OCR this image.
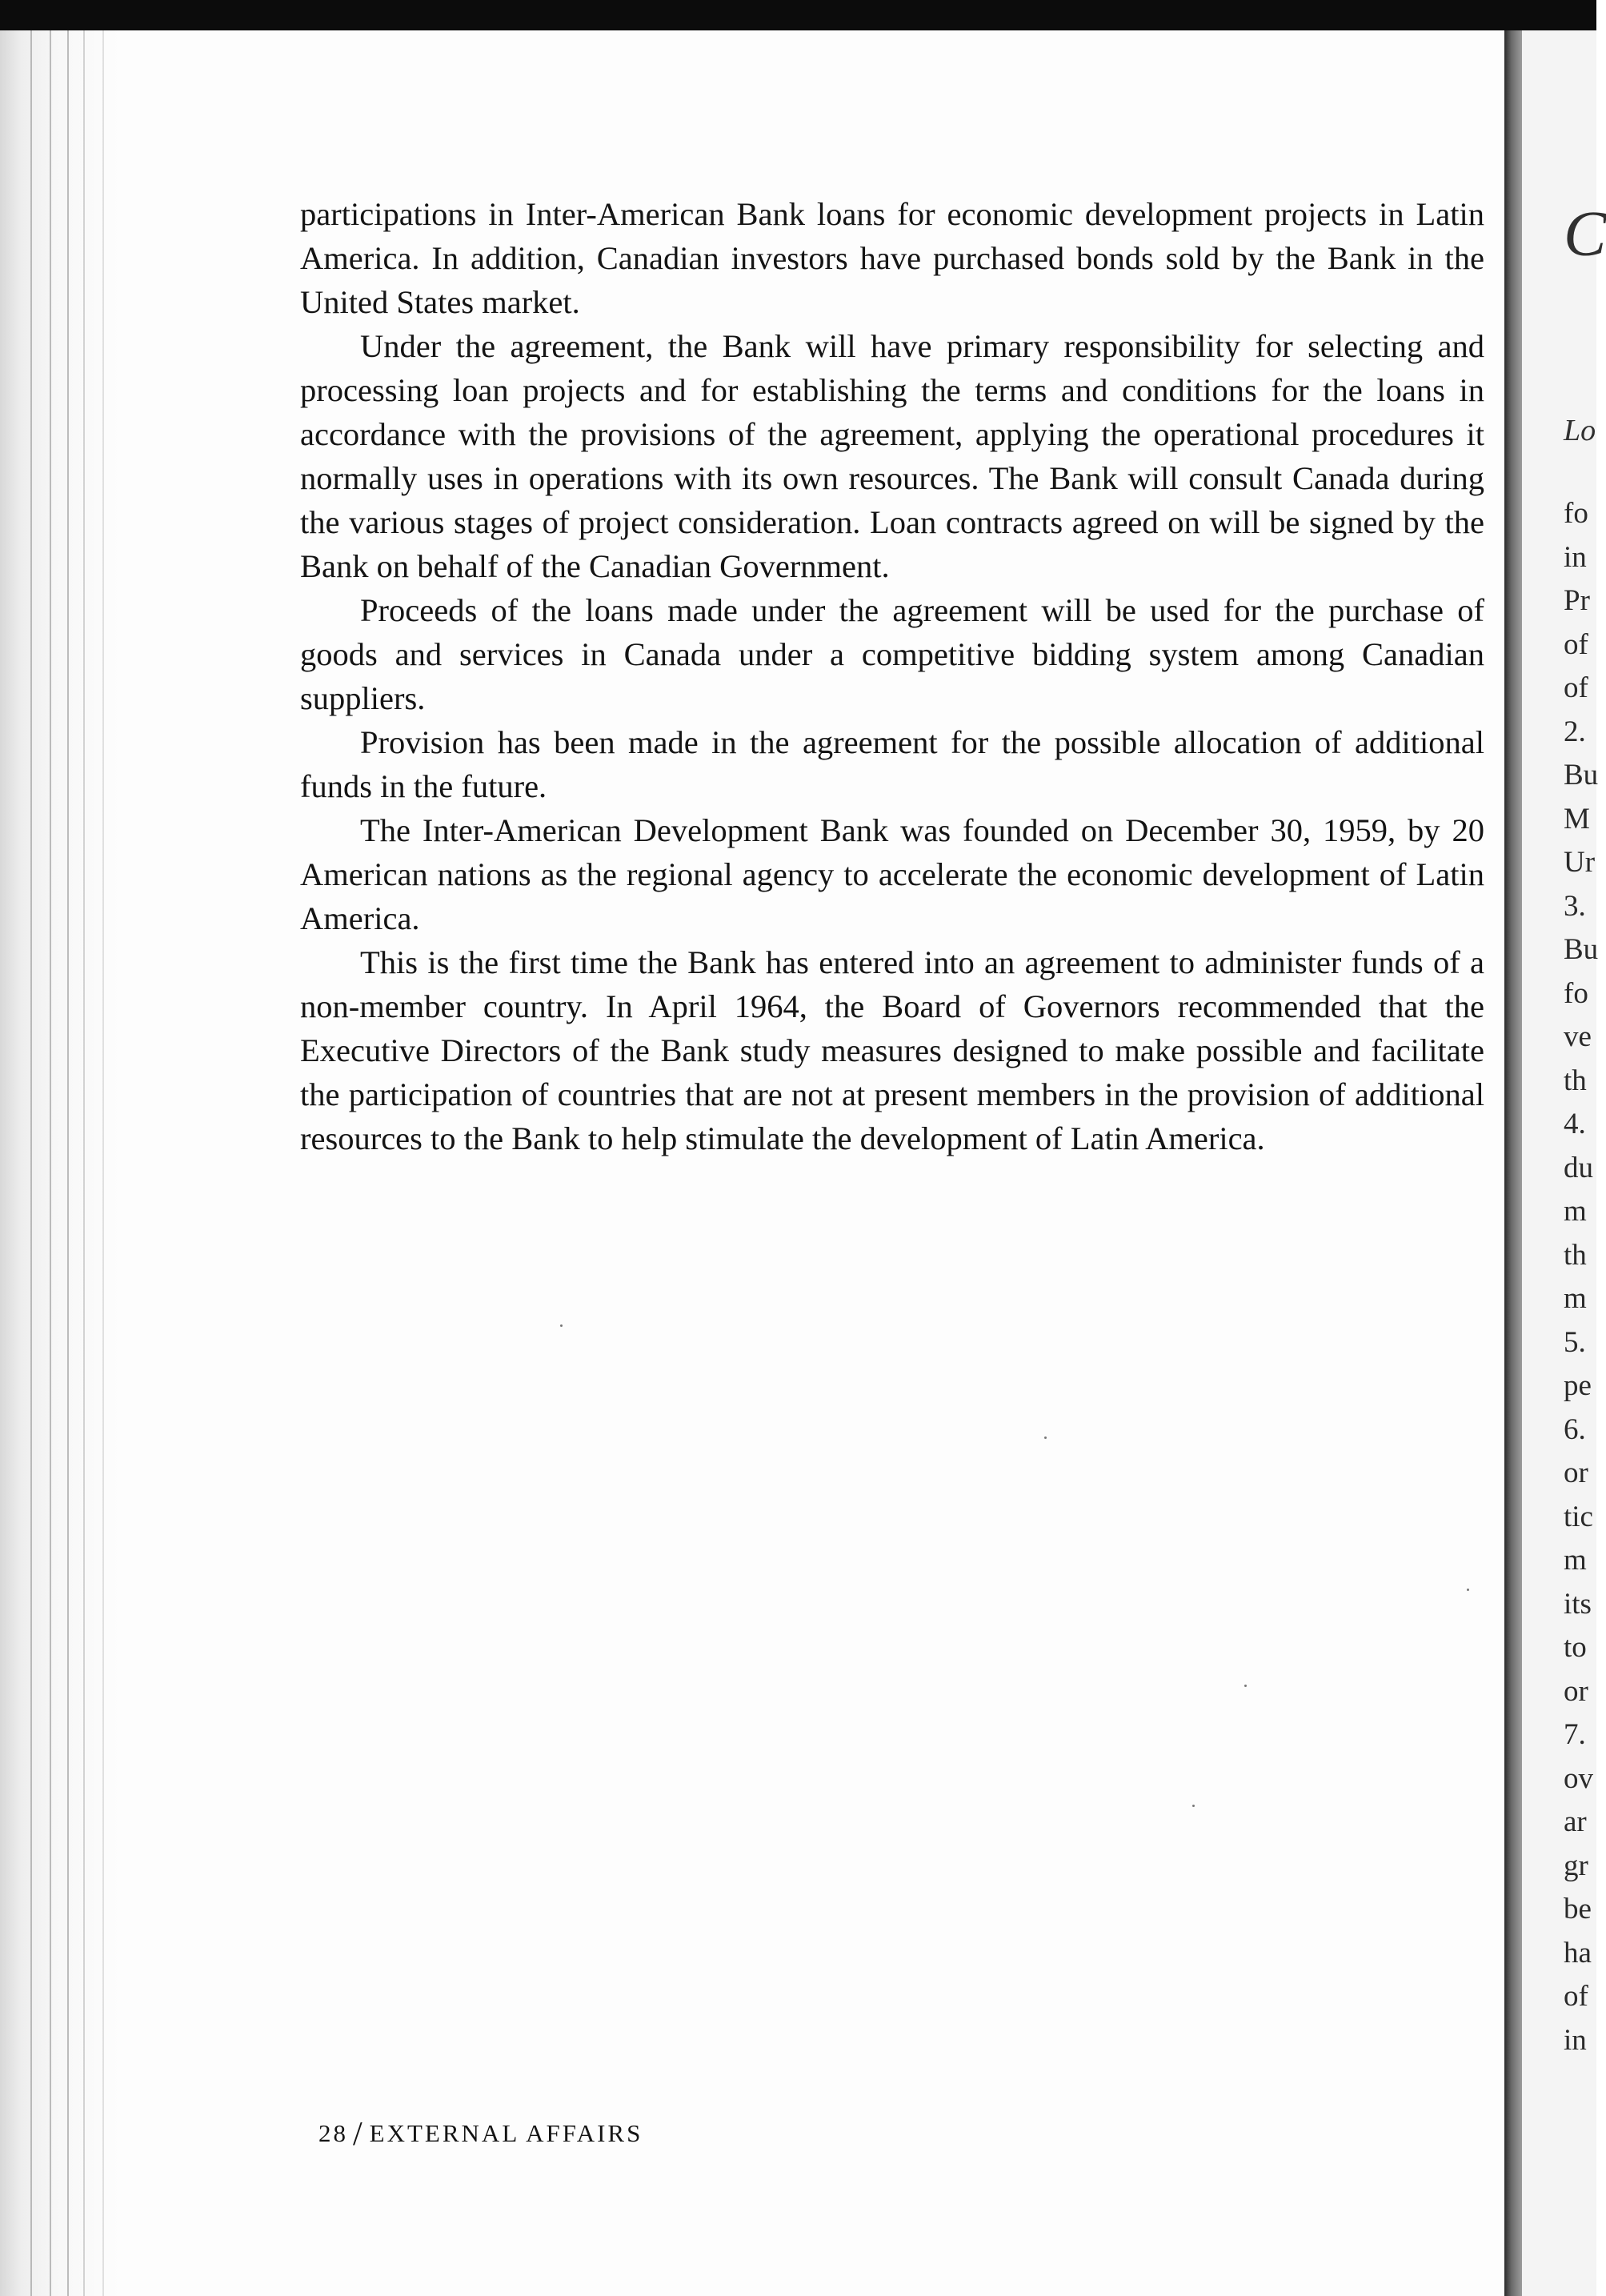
participations in Inter-American Bank loans for economic development projects in Latin America. In addition, Canadian investors have purchased bonds sold by the Bank in the United States market.

Under the agreement, the Bank will have primary responsibility for selecting and processing loan projects and for establishing the terms and conditions for the loans in accordance with the provisions of the agreement, applying the operational procedures it normally uses in operations with its own resources. The Bank will consult Canada during the various stages of project consideration. Loan contracts agreed on will be signed by the Bank on behalf of the Canadian Government.

Proceeds of the loans made under the agreement will be used for the purchase of goods and services in Canada under a competitive bidding system among Canadian suppliers.

Provision has been made in the agreement for the possible allocation of additional funds in the future.

The Inter-American Development Bank was founded on December 30, 1959, by 20 American nations as the regional agency to accelerate the economic development of Latin America.

This is the first time the Bank has entered into an agreement to administer funds of a non-member country. In April 1964, the Board of Governors recommended that the Executive Directors of the Bank study measures designed to make possible and facilitate the participation of countries that are not at present members in the provision of additional resources to the Bank to help stimulate the development of Latin America.

28 / EXTERNAL AFFAIRS
C
Lo
fo
in
Pr
of
of
2.
Bu
M
Ur
3.
Bu
fo
ve
th
4.
du
m
th
m
5.
pe
6.
or
tic
m
its
to
or
7.
ov
ar
gr
be
ha
of
in
